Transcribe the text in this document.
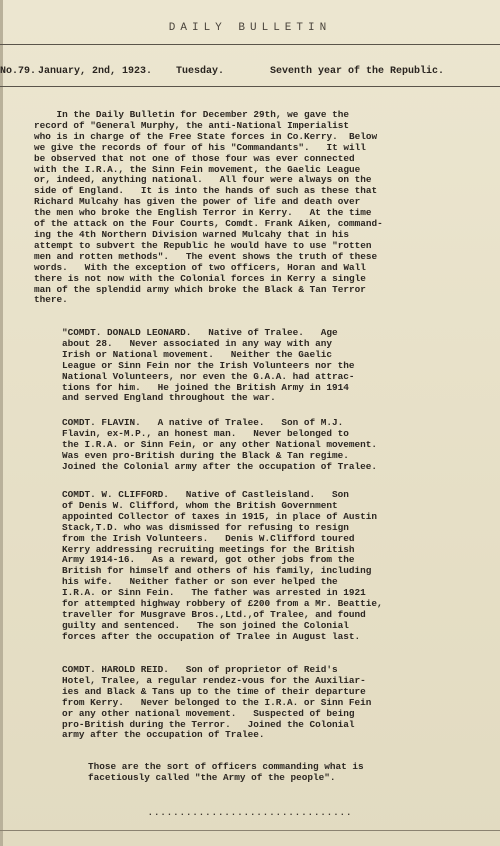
DAILY BULLETIN
No.79. January, 2nd, 1923. Tuesday.	Seventh year of the Republic.
In the Daily Bulletin for December 29th, we gave the
record of "General Murphy, the anti-National Imperialist
who is in charge of the Free State forces in Co.Kerry.  Below
we give the records of four of his "Commandants".   It will
be observed that not one of those four was ever connected
with the I.R.A., the Sinn Fein movement, the Gaelic League
or, indeed, anything national.   All four were always on the
side of England.   It is into the hands of such as these that
Richard Mulcahy has given the power of life and death over
the men who broke the English Terror in Kerry.   At the time
of the attack on the Four Courts, Comdt. Frank Aiken, command-
ing the 4th Northern Division warned Mulcahy that in his
attempt to subvert the Republic he would have to use "rotten
men and rotten methods".   The event shows the truth of these
words.   With the exception of two officers, Horan and Wall
there is not now with the Colonial forces in Kerry a single
man of the splendid army which broke the Black & Tan Terror
there.
"COMDT. DONALD LEONARD.   Native of Tralee.   Age
about 28.   Never associated in any way with any
Irish or National movement.   Neither the Gaelic
League or Sinn Fein nor the Irish Volunteers nor the
National Volunteers, nor even the G.A.A. had attrac-
tions for him.   He joined the British Army in 1914
and served England throughout the war.
COMDT. FLAVIN.   A native of Tralee.   Son of M.J.
Flavin, ex-M.P., an honest man.   Never belonged to
the I.R.A. or Sinn Fein, or any other National movement.
Was even pro-British during the Black & Tan regime.
Joined the Colonial army after the occupation of Tralee.
COMDT. W. CLIFFORD.   Native of Castleisland.   Son
of Denis W. Clifford, whom the British Government
appointed Collector of taxes in 1915, in place of Austin
Stack,T.D. who was dismissed for refusing to resign
from the Irish Volunteers.   Denis W.Clifford toured
Kerry addressing recruiting meetings for the British
Army 1914-16.   As a reward, got other jobs from the
British for himself and others of his family, including
his wife.   Neither father or son ever helped the
I.R.A. or Sinn Fein.   The father was arrested in 1921
for attempted highway robbery of £200 from a Mr. Beattie,
traveller for Musgrave Bros.,Ltd.,of Tralee, and found
guilty and sentenced.   The son joined the Colonial
forces after the occupation of Tralee in August last.
COMDT. HAROLD REID.   Son of proprietor of Reid's
Hotel, Tralee, a regular rendez-vous for the Auxiliar-
ies and Black & Tans up to the time of their departure
from Kerry.   Never belonged to the I.R.A. or Sinn Fein
or any other national movement.   Suspected of being
pro-British during the Terror.   Joined the Colonial
army after the occupation of Tralee.
Those are the sort of officers commanding what is
facetiously called "the Army of the people".
................................
